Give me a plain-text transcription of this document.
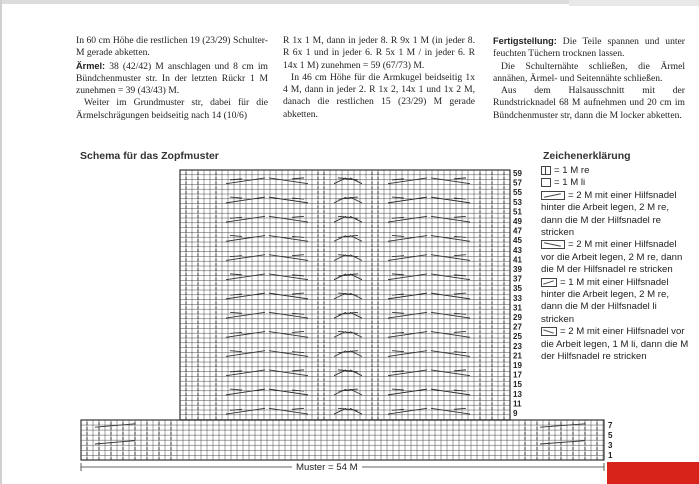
In 60 cm Höhe die restlichen 19 (23/29) Schulter-M gerade abketten.

Ärmel: 38 (42/42) M anschlagen und 8 cm im Bündchenmuster str. In der letzten Rückr 1 M zunehmen = 39 (43/43) M.

Weiter im Grundmuster str, dabei für die Ärmelschrägungen beidseitig nach 14 (10/6)

R 1x 1 M, dann in jeder 8. R 9x 1 M (in jeder 8. R 6x 1 und in jeder 6. R 5x 1 M / in jeder 6. R 14x 1 M) zunehmen = 59 (67/73) M.

In 46 cm Höhe für die Armkugel beidseitig 1x 4 M, dann in jeder 2. R 1x 2, 14x 1 und 1x 2 M, danach die restlichen 15 (23/29) M gerade abketten.

Fertigstellung: Die Teile spannen und unter feuchten Tüchern trocknen lassen.

Die Schulternähte schließen, die Ärmel annähen, Ärmel- und Seitennähte schließen.

Aus dem Halsausschnitt mit der Rundstricknadel 68 M aufnehmen und 20 cm im Bündchenmuster str, dann die M locker abketten.

Schema für das Zopfmuster
59
57
55
53
51
49
47
45
43
41
39
37
35
33
31
29
27
25
23
21
19
17
15
13
11
9
7
5
3
1
Muster = 54 M
Zeichenerklärung
= 1 M re
= 1 M li
= 2 M mit einer Hilfsnadel hinter die Arbeit legen, 2 M re, dann die M der Hilfsnadel re stricken
= 2 M mit einer Hilfsnadel vor die Arbeit legen, 2 M re, dann die M der Hilfsnadel re stricken
= 1 M mit einer Hilfsnadel hinter die Arbeit legen, 2 M re, dann die M der Hilfsnadel li stricken
= 2 M mit einer Hilfsnadel vor die Arbeit legen, 1 M li, dann die M der Hilfsnadel re stricken
